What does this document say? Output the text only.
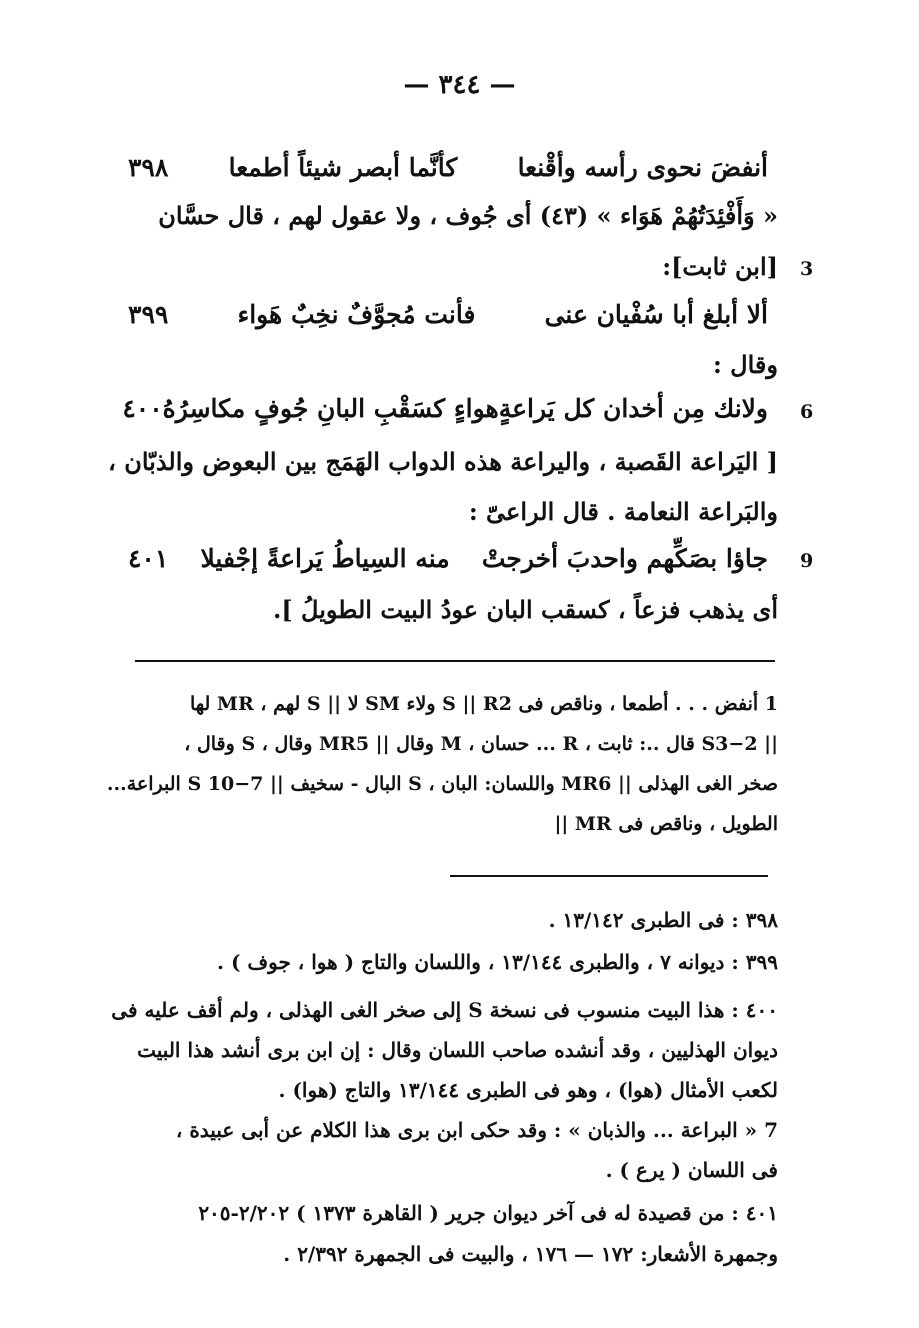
— ٣٤٤ —
أنفضَ نحوى رأسه وأقْنعا
كأنَّما أبصر شيئاً أطمعا
٣٩٨
« وَأَفْئِدَتُهُمْ هَوَاء » (٤٣) أى جُوف ، ولا عقول لهم ، قال حسَّان
3
[ابن ثابت]:
ألا أبلغ أبا سُفْيان عنى
فأنت مُجوَّفٌ نخِبٌ هَواء
٣٩٩
وقال :
6
ولانك مِن أخدان كل يَراعةٍ
هواءٍ كسَقْبِ البانِ جُوفٍ مكاسِرُهُ
٤٠٠
[ اليَراعة القَصبة ، واليراعة هذه الدواب الهَمَج بين البعوض والذبّان ،
والبَراعة النعامة . قال الراعىّ :
9
جاؤا بصَكِّهم واحدبَ أخرجتْ
منه السِياطُ يَراعةً إجْفيلا
٤٠١
أى يذهب فزعاً ، كسقب البان عودُ البيت الطويلُ ].
1 أنفض . . . أطمعا ، وناقص فى S || R2 ولاء SM لا || S لهم ، MR لها
|| S3−2 قال ..: ثابت ، R ... حسان ، M وقال || MR5 وقال ، S وقال ،
صخر الغى الهذلى || MR6 واللسان: البان ، S البال - سخيف || 7−10 S البراعة...
الطويل ، وناقص فى MR ||
٣٩٨ : فى الطبرى ١٣/١٤٢ .
٣٩٩ : ديوانه ٧ ، والطبرى ١٣/١٤٤ ، واللسان والتاج ( هوا ، جوف ) .
٤٠٠ : هذا البيت منسوب فى نسخة S إلى صخر الغى الهذلى ، ولم أقف عليه فى
ديوان الهذليين ، وقد أنشده صاحب اللسان وقال : إن ابن برى أنشد هذا البيت
لكعب الأمثال (هوا) ، وهو فى الطبرى ١٣/١٤٤ والتاج (هوا) .
7 « البراعة ... والذبان » : وقد حكى ابن برى هذا الكلام عن أبى عبيدة ،
فى اللسان ( يرع ) .
٤٠١ : من قصيدة له فى آخر ديوان جرير ( القاهرة ١٣٧٣ ) ٢/٢٠٢-٢٠٥
وجمهرة الأشعار: ١٧٢ — ١٧٦ ، والبيت فى الجمهرة ٢/٣٩٢ .
